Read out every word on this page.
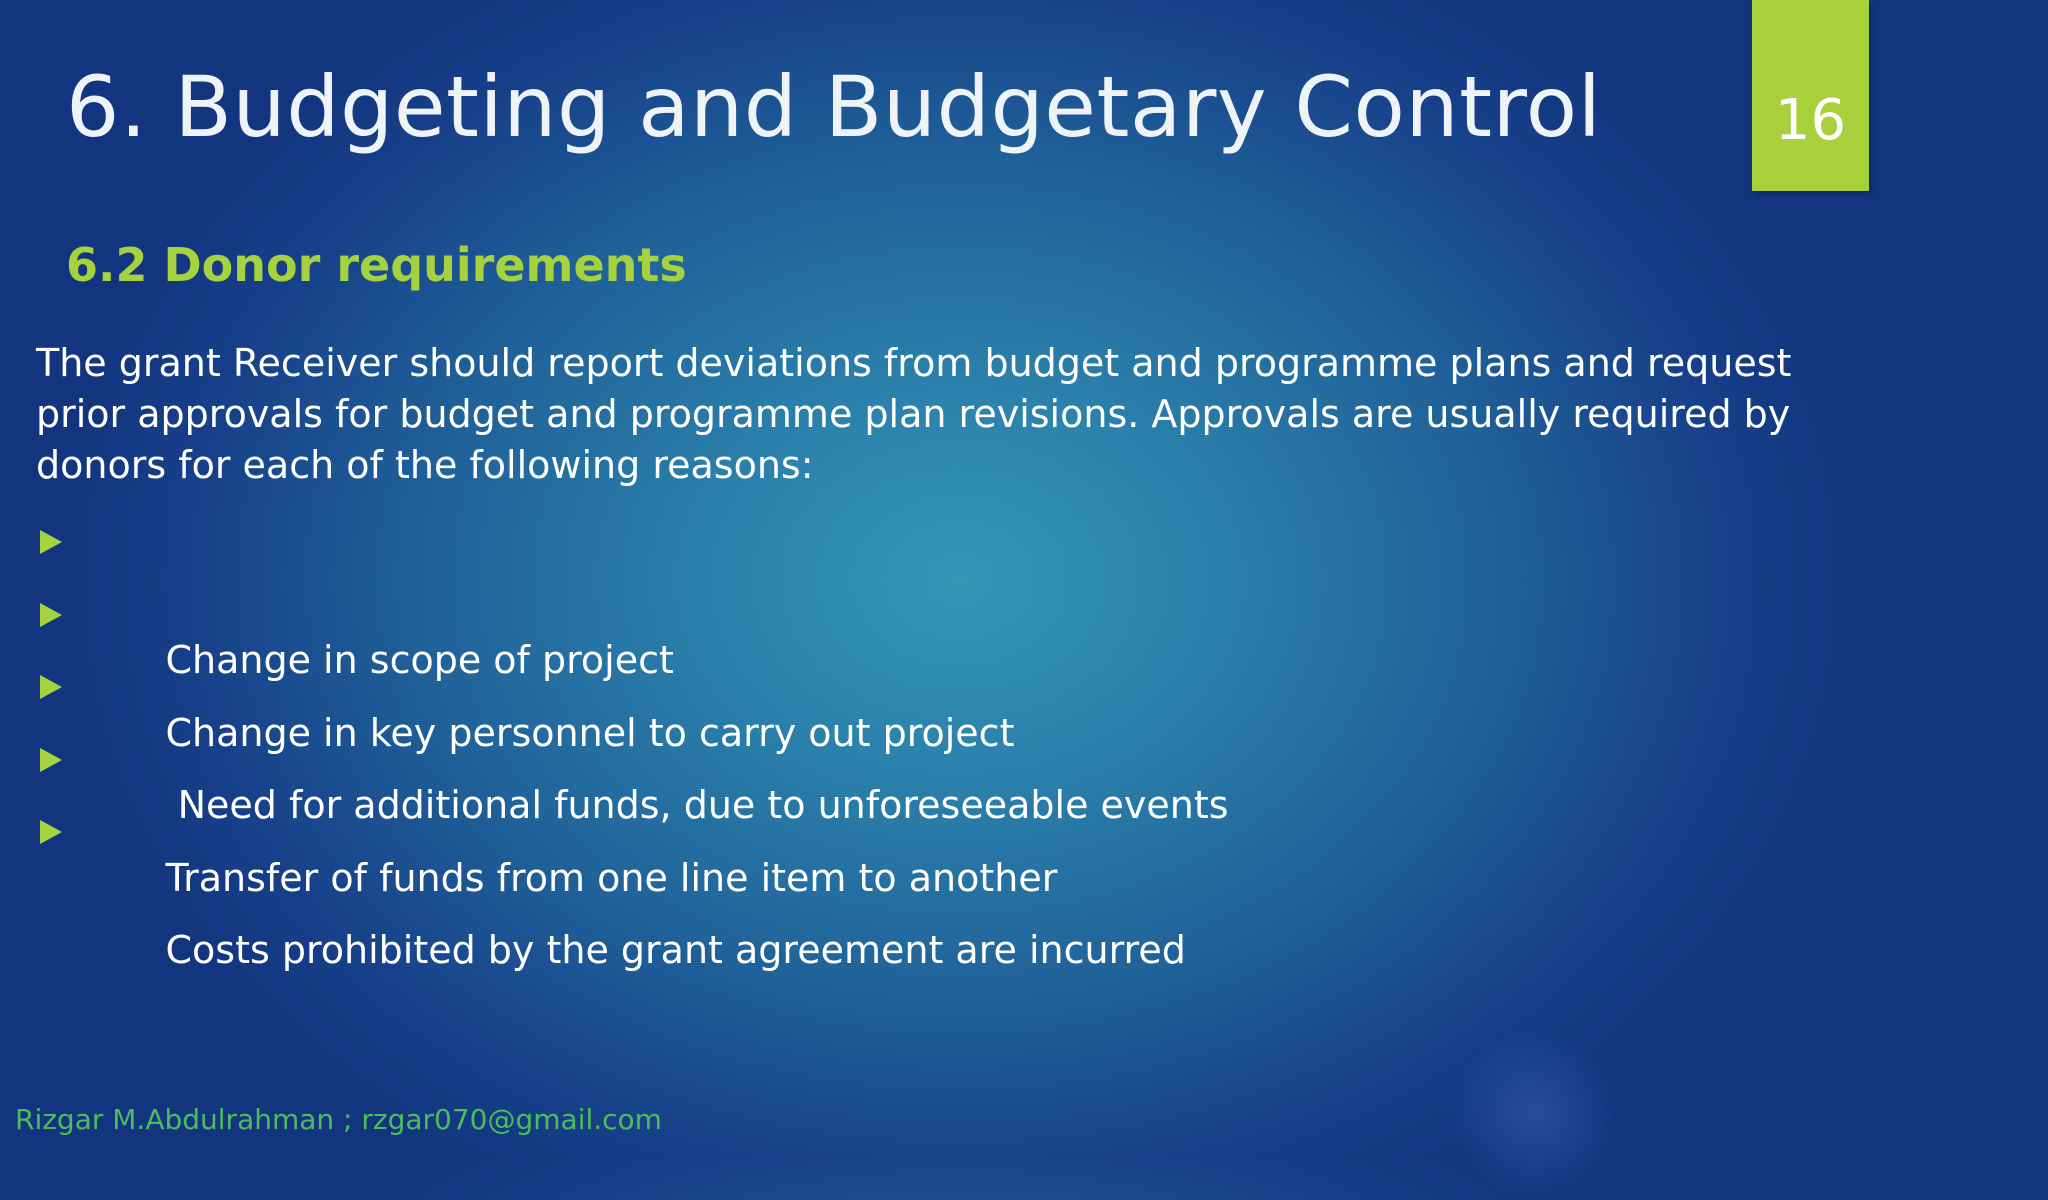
6. Budgeting and Budgetary Control	16
6.2 Donor requirements

The grant Receiver should report deviations from budget and programme plans and request prior approvals for budget and programme plan revisions. Approvals are usually required by donors for each of the following reasons:

Change in scope of project

Change in key personnel to carry out project

Need for additional funds, due to unforeseeable events

Transfer of funds from one line item to another

Costs prohibited by the grant agreement are incurred

Rizgar M.Abdulrahman ; rzgar070@gmail.com
